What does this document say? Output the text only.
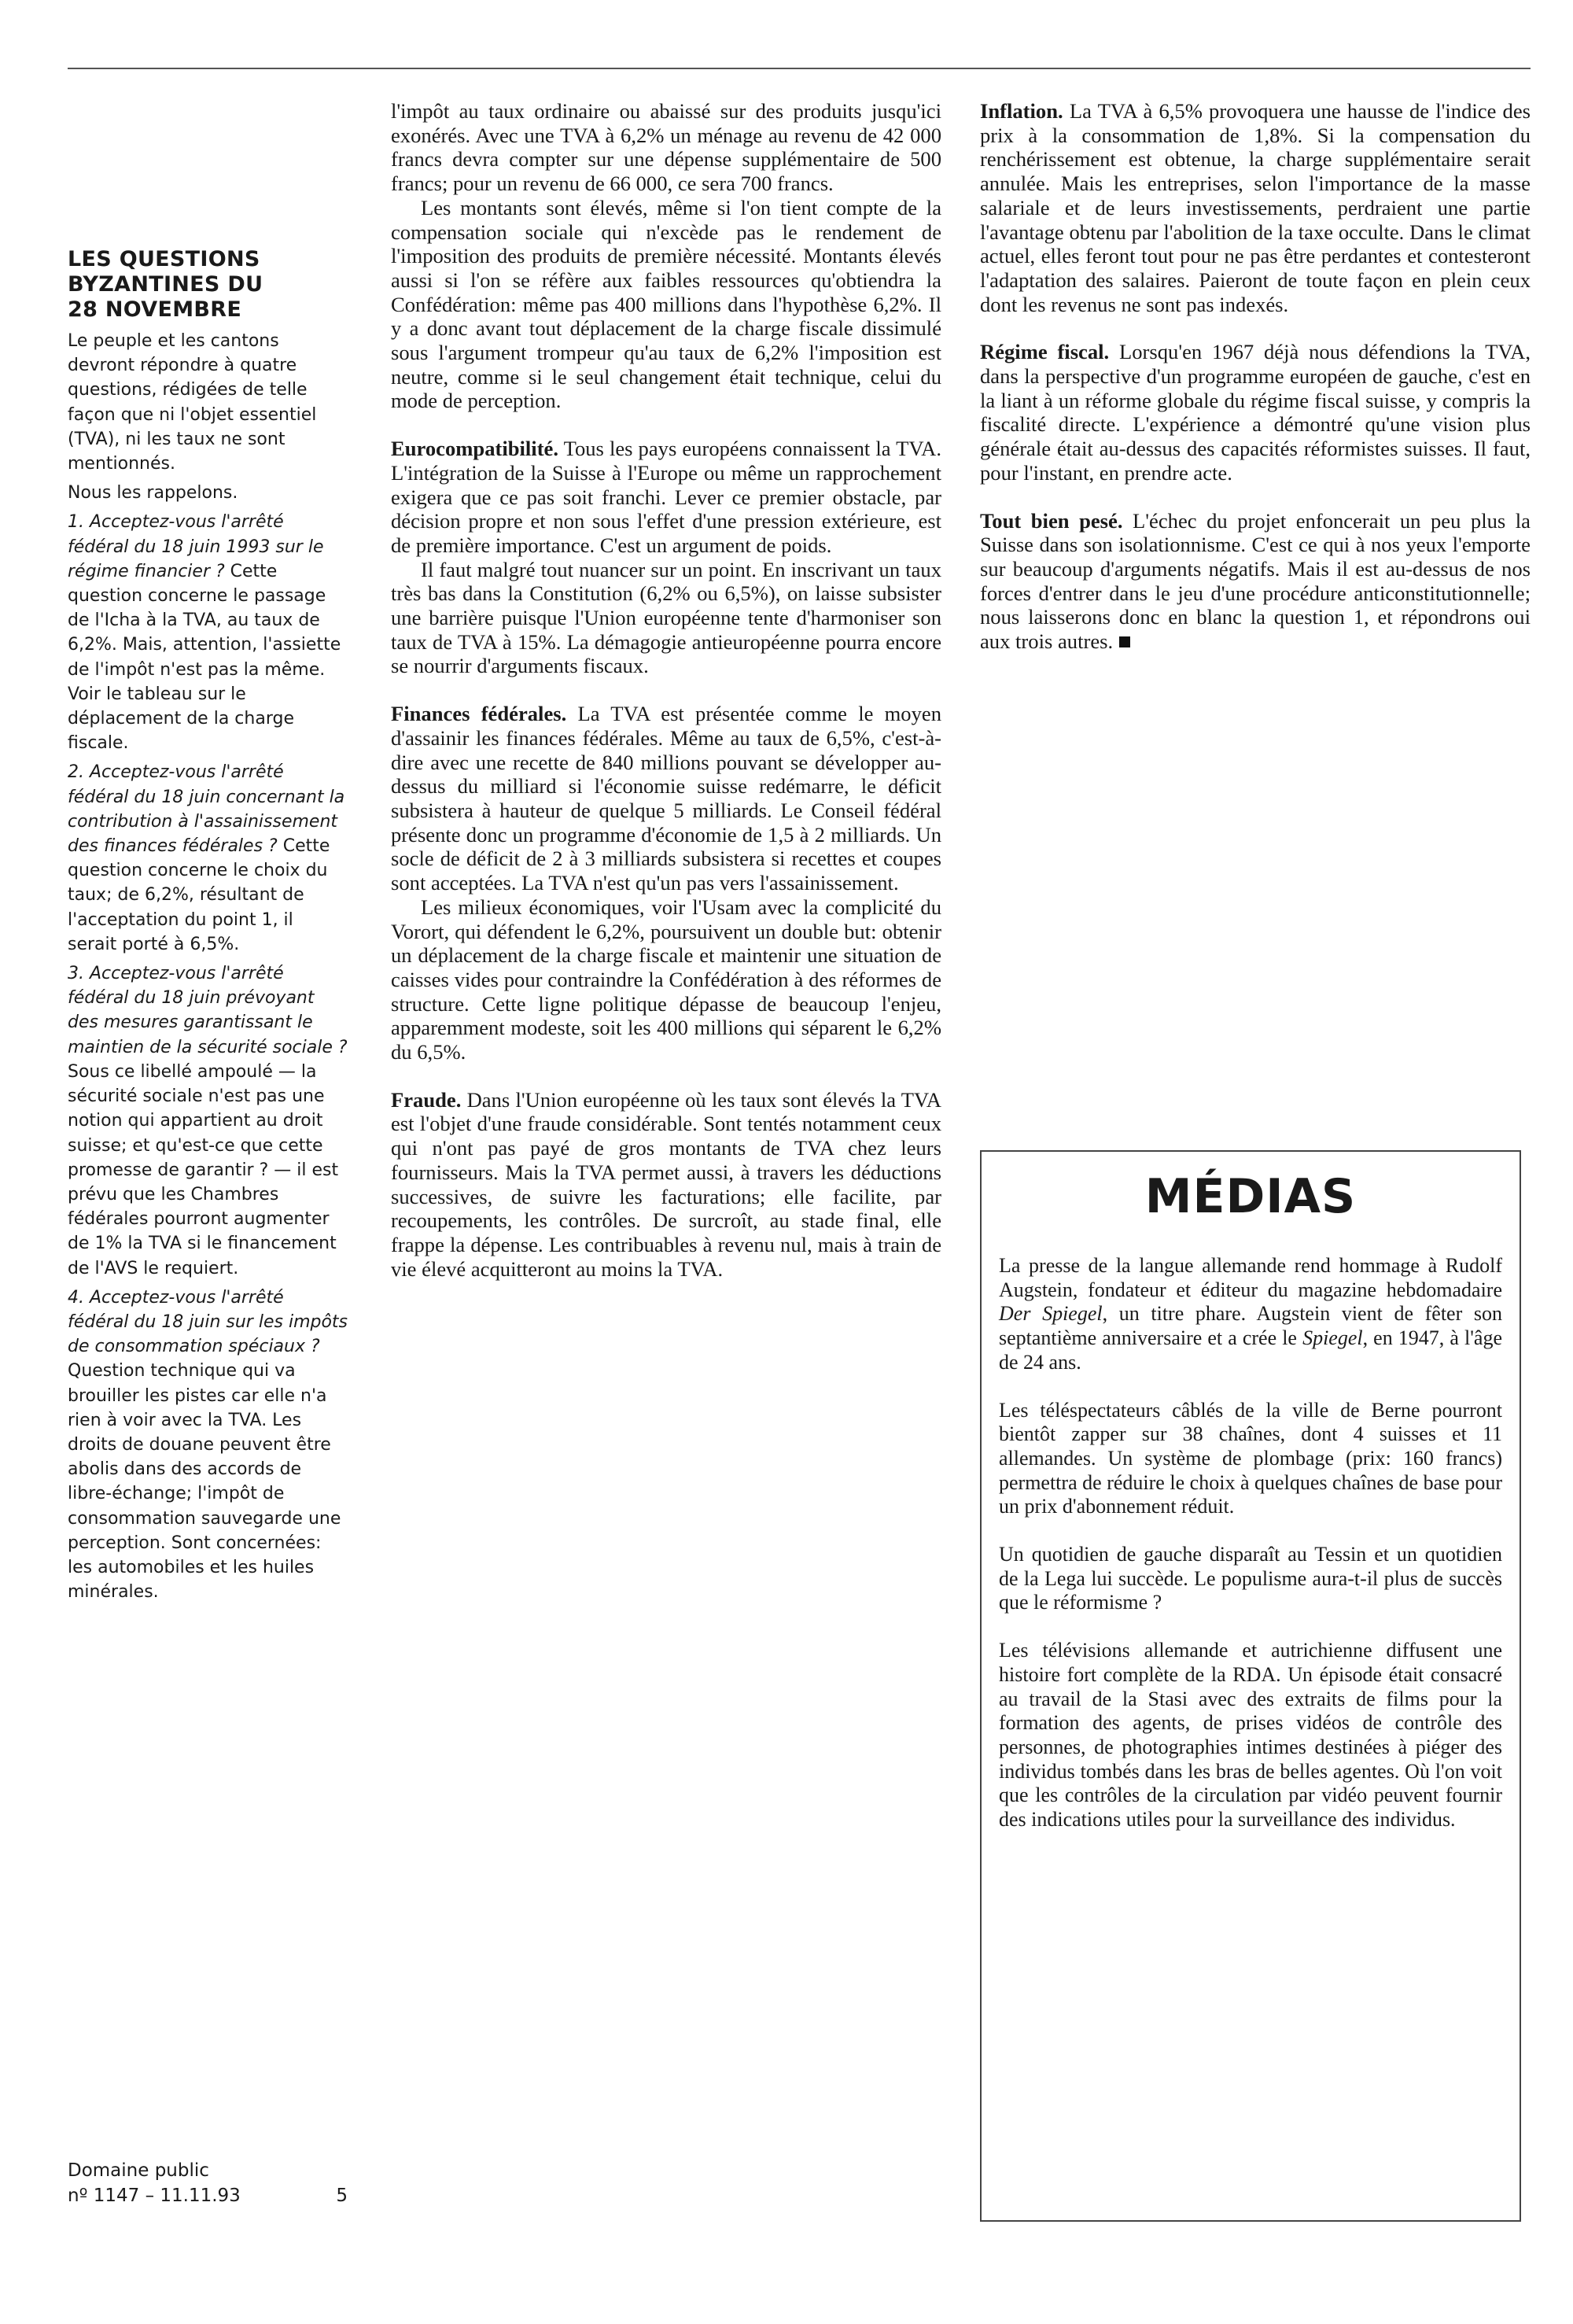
LES QUESTIONS
BYZANTINES DU
28 NOVEMBRE

Le peuple et les cantons devront répondre à quatre questions, rédigées de telle façon que ni l'objet essentiel (TVA), ni les taux ne sont mentionnés.

Nous les rappelons.

1. Acceptez-vous l'arrêté fédéral du 18 juin 1993 sur le régime financier ? Cette question concerne le passage de l'Icha à la TVA, au taux de 6,2%. Mais, attention, l'assiette de l'impôt n'est pas la même. Voir le tableau sur le déplacement de la charge fiscale.

2. Acceptez-vous l'arrêté fédéral du 18 juin concernant la contribution à l'assainissement des finances fédérales ? Cette question concerne le choix du taux; de 6,2%, résultant de l'acceptation du point 1, il serait porté à 6,5%.

3. Acceptez-vous l'arrêté fédéral du 18 juin prévoyant des mesures garantissant le maintien de la sécurité sociale ? Sous ce libellé ampoulé — la sécurité sociale n'est pas une notion qui appartient au droit suisse; et qu'est-ce que cette promesse de garantir ? — il est prévu que les Chambres fédérales pourront augmenter de 1% la TVA si le financement de l'AVS le requiert.

4. Acceptez-vous l'arrêté fédéral du 18 juin sur les impôts de consommation spéciaux ? Question technique qui va brouiller les pistes car elle n'a rien à voir avec la TVA. Les droits de douane peuvent être abolis dans des accords de libre-échange; l'impôt de consommation sauvegarde une perception. Sont concernées: les automobiles et les huiles minérales.

Domaine public
nº 1147 – 11.11.93	5

l'impôt au taux ordinaire ou abaissé sur des produits jusqu'ici exonérés. Avec une TVA à 6,2% un ménage au revenu de 42 000 francs devra compter sur une dépense supplémentaire de 500 francs; pour un revenu de 66 000, ce sera 700 francs.

Les montants sont élevés, même si l'on tient compte de la compensation sociale qui n'excède pas le rendement de l'imposition des produits de première nécessité. Montants élevés aussi si l'on se réfère aux faibles ressources qu'obtiendra la Confédération: même pas 400 millions dans l'hypothèse 6,2%. Il y a donc avant tout déplacement de la charge fiscale dissimulé sous l'argument trompeur qu'au taux de 6,2% l'imposition est neutre, comme si le seul changement était technique, celui du mode de perception.

Eurocompatibilité. Tous les pays européens connaissent la TVA. L'intégration de la Suisse à l'Europe ou même un rapprochement exigera que ce pas soit franchi. Lever ce premier obstacle, par décision propre et non sous l'effet d'une pression extérieure, est de première importance. C'est un argument de poids.

Il faut malgré tout nuancer sur un point. En inscrivant un taux très bas dans la Constitution (6,2% ou 6,5%), on laisse subsister une barrière puisque l'Union européenne tente d'harmoniser son taux de TVA à 15%. La démagogie antieuropéenne pourra encore se nourrir d'arguments fiscaux.

Finances fédérales. La TVA est présentée comme le moyen d'assainir les finances fédérales. Même au taux de 6,5%, c'est-à-dire avec une recette de 840 millions pouvant se développer au-dessus du milliard si l'économie suisse redémarre, le déficit subsistera à hauteur de quelque 5 milliards. Le Conseil fédéral présente donc un programme d'économie de 1,5 à 2 milliards. Un socle de déficit de 2 à 3 milliards subsistera si recettes et coupes sont acceptées. La TVA n'est qu'un pas vers l'assainissement.

Les milieux économiques, voir l'Usam avec la complicité du Vorort, qui défendent le 6,2%, poursuivent un double but: obtenir un déplacement de la charge fiscale et maintenir une situation de caisses vides pour contraindre la Confédération à des réformes de structure. Cette ligne politique dépasse de beaucoup l'enjeu, apparemment modeste, soit les 400 millions qui séparent le 6,2% du 6,5%.

Fraude. Dans l'Union européenne où les taux sont élevés la TVA est l'objet d'une fraude considérable. Sont tentés notamment ceux qui n'ont pas payé de gros montants de TVA chez leurs fournisseurs. Mais la TVA permet aussi, à travers les déductions successives, de suivre les facturations; elle facilite, par recoupements, les contrôles. De surcroît, au stade final, elle frappe la dépense. Les contribuables à revenu nul, mais à train de vie élevé acquitteront au moins la TVA.

Inflation. La TVA à 6,5% provoquera une hausse de l'indice des prix à la consommation de 1,8%. Si la compensation du renchérissement est obtenue, la charge supplémentaire serait annulée. Mais les entreprises, selon l'importance de la masse salariale et de leurs investissements, perdraient une partie l'avantage obtenu par l'abolition de la taxe occulte. Dans le climat actuel, elles feront tout pour ne pas être perdantes et contesteront l'adaptation des salaires. Paieront de toute façon en plein ceux dont les revenus ne sont pas indexés.

Régime fiscal. Lorsqu'en 1967 déjà nous défendions la TVA, dans la perspective d'un programme européen de gauche, c'est en la liant à un réforme globale du régime fiscal suisse, y compris la fiscalité directe. L'expérience a démontré qu'une vision plus générale était au-dessus des capacités réformistes suisses. Il faut, pour l'instant, en prendre acte.

Tout bien pesé. L'échec du projet enfoncerait un peu plus la Suisse dans son isolationnisme. C'est ce qui à nos yeux l'emporte sur beaucoup d'arguments négatifs. Mais il est au-dessus de nos forces d'entrer dans le jeu d'une procédure anticonstitutionnelle; nous laisserons donc en blanc la question 1, et répondrons oui aux trois autres.

MÉDIAS

La presse de la langue allemande rend hommage à Rudolf Augstein, fondateur et éditeur du magazine hebdomadaire Der Spiegel, un titre phare. Augstein vient de fêter son septantième anniversaire et a crée le Spiegel, en 1947, à l'âge de 24 ans.

Les téléspectateurs câblés de la ville de Berne pourront bientôt zapper sur 38 chaînes, dont 4 suisses et 11 allemandes. Un système de plombage (prix: 160 francs) permettra de réduire le choix à quelques chaînes de base pour un prix d'abonnement réduit.

Un quotidien de gauche disparaît au Tessin et un quotidien de la Lega lui succède. Le populisme aura-t-il plus de succès que le réformisme ?

Les télévisions allemande et autrichienne diffusent une histoire fort complète de la RDA. Un épisode était consacré au travail de la Stasi avec des extraits de films pour la formation des agents, de prises vidéos de contrôle des personnes, de photographies intimes destinées à piéger des individus tombés dans les bras de belles agentes. Où l'on voit que les contrôles de la circulation par vidéo peuvent fournir des indications utiles pour la surveillance des individus.
